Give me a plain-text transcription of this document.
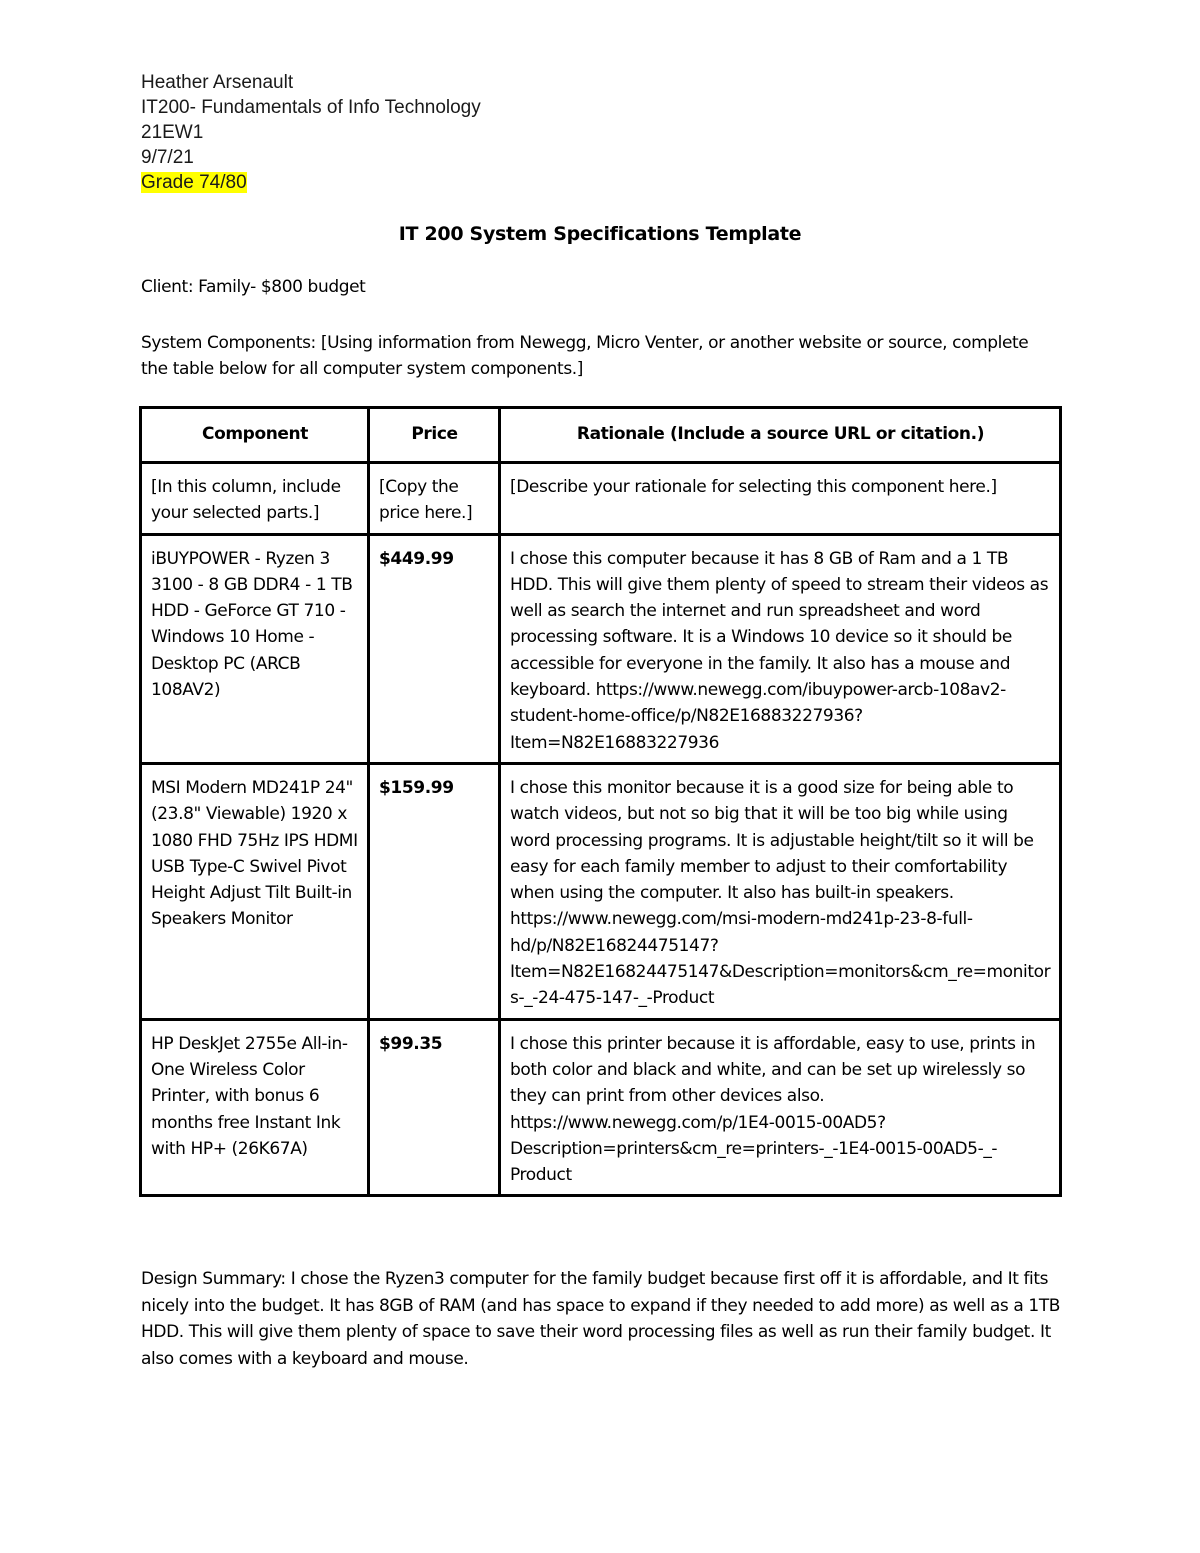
Heather Arsenault
IT200- Fundamentals of Info Technology
21EW1
9/7/21
Grade 74/80
IT 200 System Specifications Template
Client: Family- $800 budget
System Components: [Using information from Newegg, Micro Venter, or another website or source, complete the table below for all computer system components.]
Component	Price	Rationale (Include a source URL or citation.)
[In this column, include your selected parts.]	[Copy the price here.]	[Describe your rationale for selecting this component here.]
iBUYPOWER - Ryzen 3 3100 - 8 GB DDR4 - 1 TB HDD - GeForce GT 710 - Windows 10 Home - Desktop PC (ARCB 108AV2)	$449.99	I chose this computer because it has 8 GB of Ram and a 1 TB HDD. This will give them plenty of speed to stream their videos as well as search the internet and run spreadsheet and word processing software. It is a Windows 10 device so it should be accessible for everyone in the family. It also has a mouse and keyboard. https://www.newegg.com/ibuypower-arcb-108av2-student-home-office/p/N82E16883227936?Item=N82E16883227936
MSI Modern MD241P 24" (23.8" Viewable) 1920 x 1080 FHD 75Hz IPS HDMI USB Type-C Swivel Pivot Height Adjust Tilt Built-in Speakers Monitor	$159.99	I chose this monitor because it is a good size for being able to watch videos, but not so big that it will be too big while using word processing programs. It is adjustable height/tilt so it will be easy for each family member to adjust to their comfortability when using the computer. It also has built-in speakers. https://www.newegg.com/msi-modern-md241p-23-8-full-hd/p/N82E16824475147? Item=N82E16824475147&Description=monitors&cm_re=monitors-_-24-475-147-_-Product
HP DeskJet 2755e All-in-One Wireless Color Printer, with bonus 6 months free Instant Ink with HP+ (26K67A)	$99.35	I chose this printer because it is affordable, easy to use, prints in both color and black and white, and can be set up wirelessly so they can print from other devices also. https://www.newegg.com/p/1E4-0015-00AD5? Description=printers&cm_re=printers-_-1E4-0015-00AD5-_-Product
Design Summary: I chose the Ryzen3 computer for the family budget because first off it is affordable, and It fits nicely into the budget. It has 8GB of RAM (and has space to expand if they needed to add more) as well as a 1TB HDD. This will give them plenty of space to save their word processing files as well as run their family budget. It also comes with a keyboard and mouse.
